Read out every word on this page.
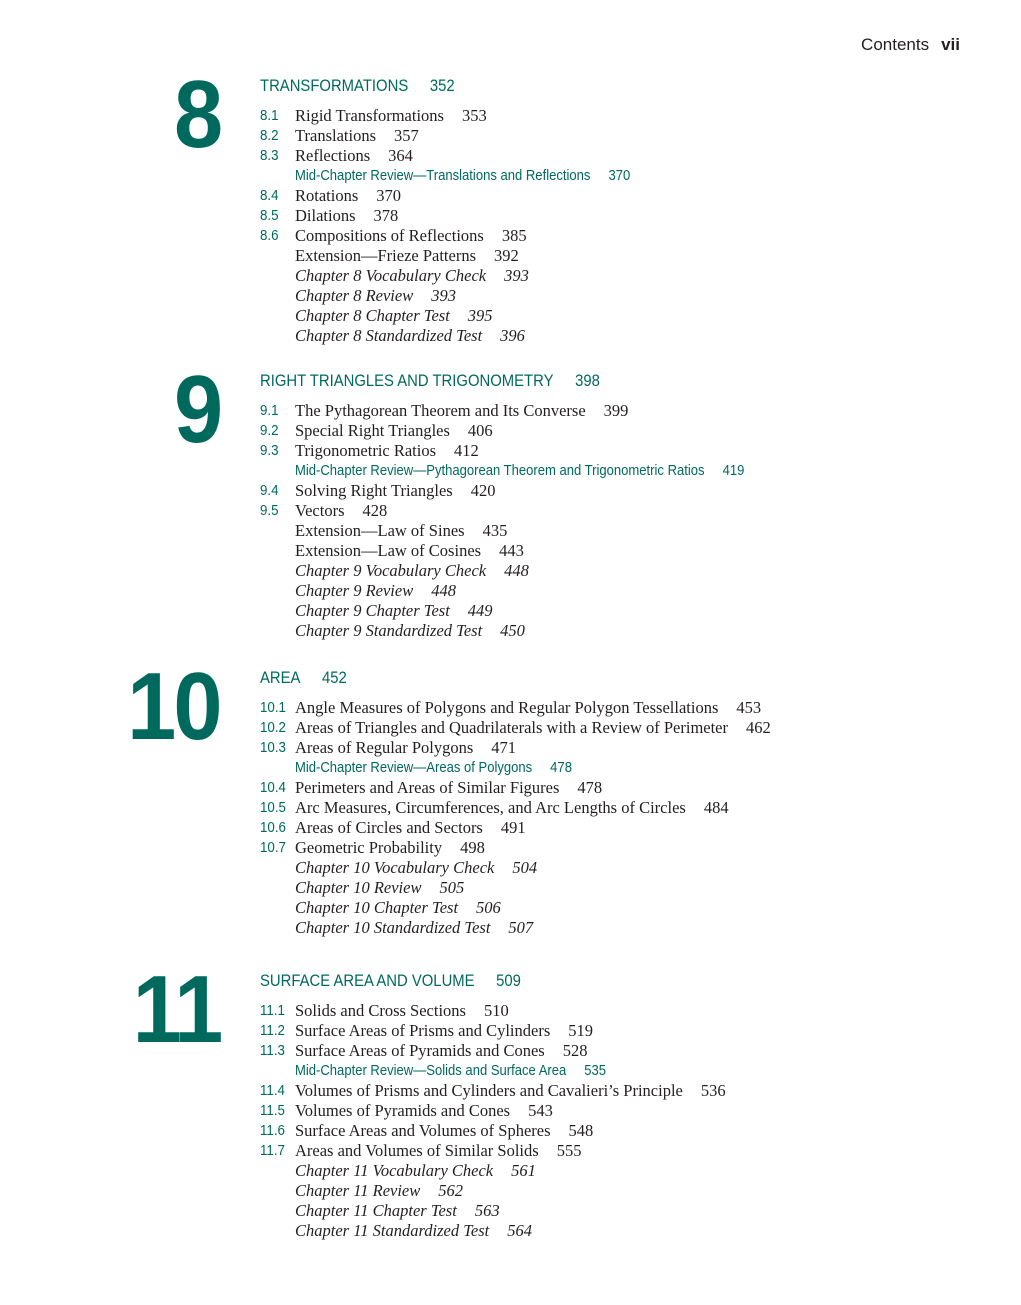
Contents vii
8 TRANSFORMATIONS 352
8.1 Rigid Transformations 353
8.2 Translations 357
8.3 Reflections 364
Mid-Chapter Review—Translations and Reflections 370
8.4 Rotations 370
8.5 Dilations 378
8.6 Compositions of Reflections 385
Extension—Frieze Patterns 392
Chapter 8 Vocabulary Check 393
Chapter 8 Review 393
Chapter 8 Chapter Test 395
Chapter 8 Standardized Test 396
9 RIGHT TRIANGLES AND TRIGONOMETRY 398
9.1 The Pythagorean Theorem and Its Converse 399
9.2 Special Right Triangles 406
9.3 Trigonometric Ratios 412
Mid-Chapter Review—Pythagorean Theorem and Trigonometric Ratios 419
9.4 Solving Right Triangles 420
9.5 Vectors 428
Extension—Law of Sines 435
Extension—Law of Cosines 443
Chapter 9 Vocabulary Check 448
Chapter 9 Review 448
Chapter 9 Chapter Test 449
Chapter 9 Standardized Test 450
10 AREA 452
10.1 Angle Measures of Polygons and Regular Polygon Tessellations 453
10.2 Areas of Triangles and Quadrilaterals with a Review of Perimeter 462
10.3 Areas of Regular Polygons 471
Mid-Chapter Review—Areas of Polygons 478
10.4 Perimeters and Areas of Similar Figures 478
10.5 Arc Measures, Circumferences, and Arc Lengths of Circles 484
10.6 Areas of Circles and Sectors 491
10.7 Geometric Probability 498
Chapter 10 Vocabulary Check 504
Chapter 10 Review 505
Chapter 10 Chapter Test 506
Chapter 10 Standardized Test 507
11 SURFACE AREA AND VOLUME 509
11.1 Solids and Cross Sections 510
11.2 Surface Areas of Prisms and Cylinders 519
11.3 Surface Areas of Pyramids and Cones 528
Mid-Chapter Review—Solids and Surface Area 535
11.4 Volumes of Prisms and Cylinders and Cavalieri’s Principle 536
11.5 Volumes of Pyramids and Cones 543
11.6 Surface Areas and Volumes of Spheres 548
11.7 Areas and Volumes of Similar Solids 555
Chapter 11 Vocabulary Check 561
Chapter 11 Review 562
Chapter 11 Chapter Test 563
Chapter 11 Standardized Test 564
